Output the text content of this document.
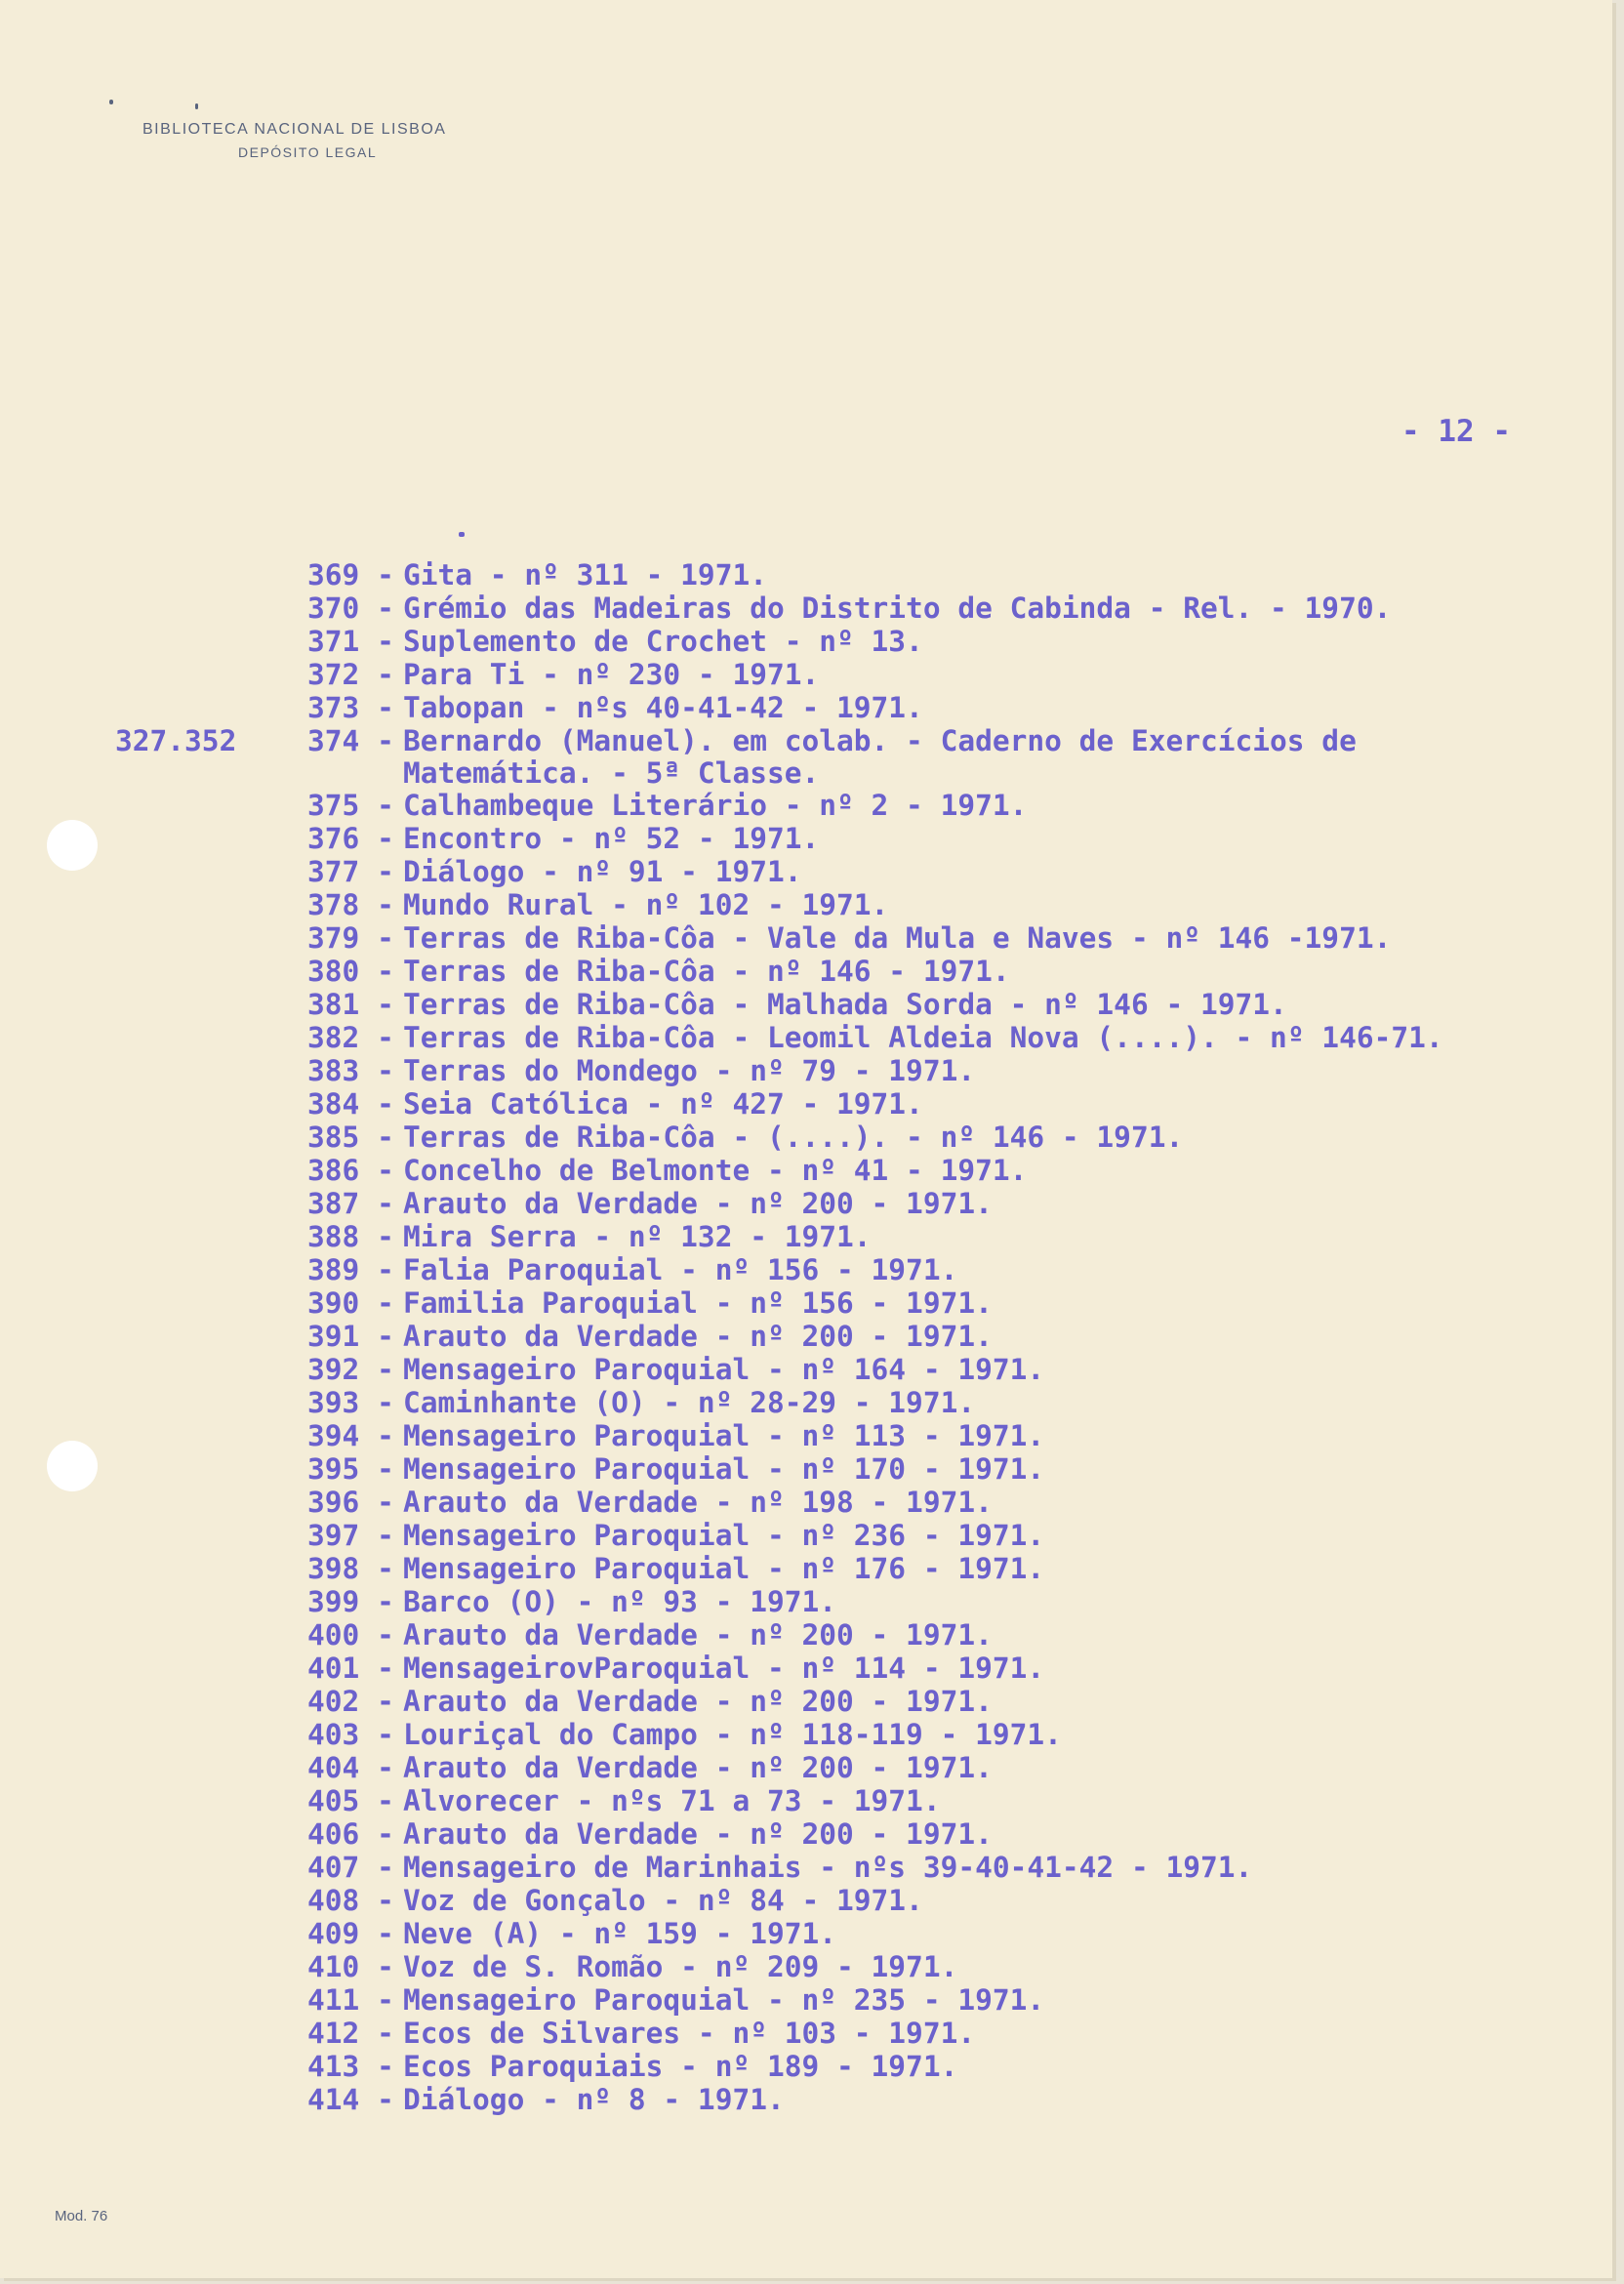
BIBLIOTECA NACIONAL DE LISBOA
DEPÓSITO LEGAL
- 12 -
369 - Gita - nº 311 - 1971.
370 - Grémio das Madeiras do Distrito de Cabinda - Rel. - 1970.
371 - Suplemento de Crochet - nº 13.
372 - Para Ti - nº 230 - 1971.
373 - Tabopan - nºs 40-41-42 - 1971.
327.352	374 - Bernardo (Manuel). em colab. - Caderno de Exercícios de
Matemática. - 5ª Classe.
375 - Calhambeque Literário - nº 2 - 1971.
376 - Encontro - nº 52 - 1971.
377 - Diálogo - nº 91 - 1971.
378 - Mundo Rural - nº 102 - 1971.
379 - Terras de Riba-Côa - Vale da Mula e Naves - nº 146 -1971.
380 - Terras de Riba-Côa - nº 146 - 1971.
381 - Terras de Riba-Côa - Malhada Sorda - nº 146 - 1971.
382 - Terras de Riba-Côa - Leomil Aldeia Nova (....). - nº 146-71.
383 - Terras do Mondego - nº 79 - 1971.
384 - Seia Católica - nº 427 - 1971.
385 - Terras de Riba-Côa - (....). - nº 146 - 1971.
386 - Concelho de Belmonte - nº 41 - 1971.
387 - Arauto da Verdade - nº 200 - 1971.
388 - Mira Serra - nº 132 - 1971.
389 - Falia Paroquial - nº 156 - 1971.
390 - Familia Paroquial - nº 156 - 1971.
391 - Arauto da Verdade - nº 200 - 1971.
392 - Mensageiro Paroquial - nº 164 - 1971.
393 - Caminhante (O) - nº 28-29 - 1971.
394 - Mensageiro Paroquial - nº 113 - 1971.
395 - Mensageiro Paroquial - nº 170 - 1971.
396 - Arauto da Verdade - nº 198 - 1971.
397 - Mensageiro Paroquial - nº 236 - 1971.
398 - Mensageiro Paroquial - nº 176 - 1971.
399 - Barco (O) - nº 93 - 1971.
400 - Arauto da Verdade - nº 200 - 1971.
401 - MensageirovParoquial - nº 114 - 1971.
402 - Arauto da Verdade - nº 200 - 1971.
403 - Louriçal do Campo - nº 118-119 - 1971.
404 - Arauto da Verdade - nº 200 - 1971.
405 - Alvorecer - nºs 71 a 73 - 1971.
406 - Arauto da Verdade - nº 200 - 1971.
407 - Mensageiro de Marinhais - nºs 39-40-41-42 - 1971.
408 - Voz de Gonçalo - nº 84 - 1971.
409 - Neve (A) - nº 159 - 1971.
410 - Voz de S. Romão - nº 209 - 1971.
411 - Mensageiro Paroquial - nº 235 - 1971.
412 - Ecos de Silvares - nº 103 - 1971.
413 - Ecos Paroquiais - nº 189 - 1971.
414 - Diálogo - nº 8 - 1971.
Mod. 76
